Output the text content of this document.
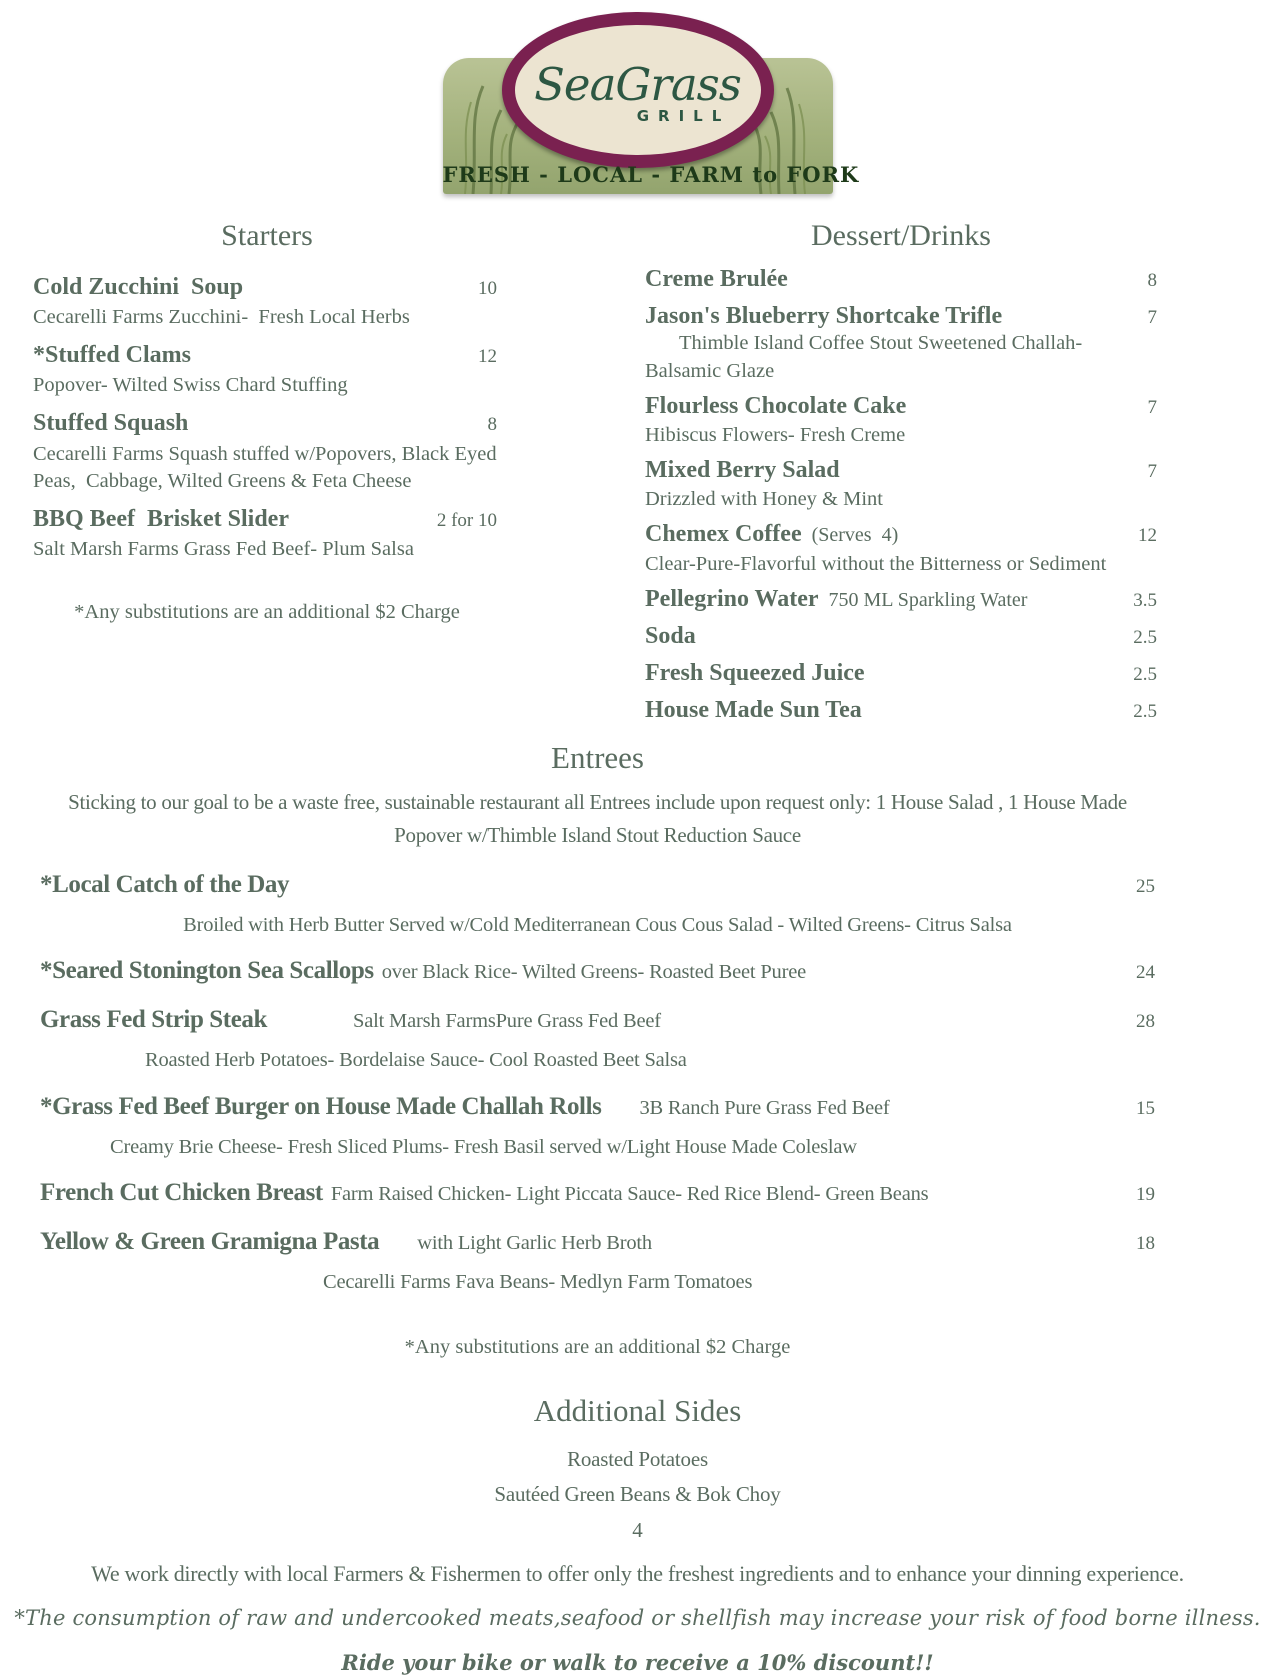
SeaGrass
GRILL
FRESH - LOCAL - FARM to FORK
Starters
Cold Zucchini  Soup	10
Cecarelli Farms Zucchini-  Fresh Local Herbs
*Stuffed Clams	12
Popover- Wilted Swiss Chard Stuffing
Stuffed Squash	8
Cecarelli Farms Squash stuffed w/Popovers, Black Eyed Peas,  Cabbage, Wilted Greens & Feta Cheese
BBQ Beef  Brisket Slider	2 for 10
Salt Marsh Farms Grass Fed Beef- Plum Salsa
*Any substitutions are an additional $2 Charge
Dessert/Drinks
Creme Brulée	8
Jason's Blueberry Shortcake Trifle	7
Thimble Island Coffee Stout Sweetened Challah-
Balsamic Glaze
Flourless Chocolate Cake	7
Hibiscus Flowers- Fresh Creme
Mixed Berry Salad	7
Drizzled with Honey & Mint
Chemex Coffee (Serves  4)	12
Clear-Pure-Flavorful without the Bitterness or Sediment
Pellegrino Water 750 ML Sparkling Water	3.5
Soda	2.5
Fresh Squeezed Juice	2.5
House Made Sun Tea	2.5
Entrees
Sticking to our goal to be a waste free, sustainable restaurant all Entrees include upon request only: 1 House Salad , 1 House Made Popover w/Thimble Island Stout Reduction Sauce
*Local Catch of the Day	25
Broiled with Herb Butter Served w/Cold Mediterranean Cous Cous Salad - Wilted Greens- Citrus Salsa
*Seared Stonington Sea Scallops over Black Rice- Wilted Greens- Roasted Beet Puree	24
Grass Fed Strip Steak	Salt Marsh FarmsPure Grass Fed Beef	28
Roasted Herb Potatoes- Bordelaise Sauce- Cool Roasted Beet Salsa
*Grass Fed Beef Burger on House Made Challah Rolls 3B Ranch Pure Grass Fed Beef	15
Creamy Brie Cheese- Fresh Sliced Plums- Fresh Basil served w/Light House Made Coleslaw
French Cut Chicken Breast Farm Raised Chicken- Light Piccata Sauce- Red Rice Blend- Green Beans	19
Yellow & Green Gramigna Pasta with Light Garlic Herb Broth	18
Cecarelli Farms Fava Beans- Medlyn Farm Tomatoes
*Any substitutions are an additional $2 Charge
Additional Sides
Roasted Potatoes
Sautéed Green Beans & Bok Choy
4
We work directly with local Farmers & Fishermen to offer only the freshest ingredients and to enhance your dinning experience.
*The consumption of raw and undercooked meats,seafood or shellfish may increase your risk of food borne illness.
Ride your bike or walk to receive a 10% discount!!
